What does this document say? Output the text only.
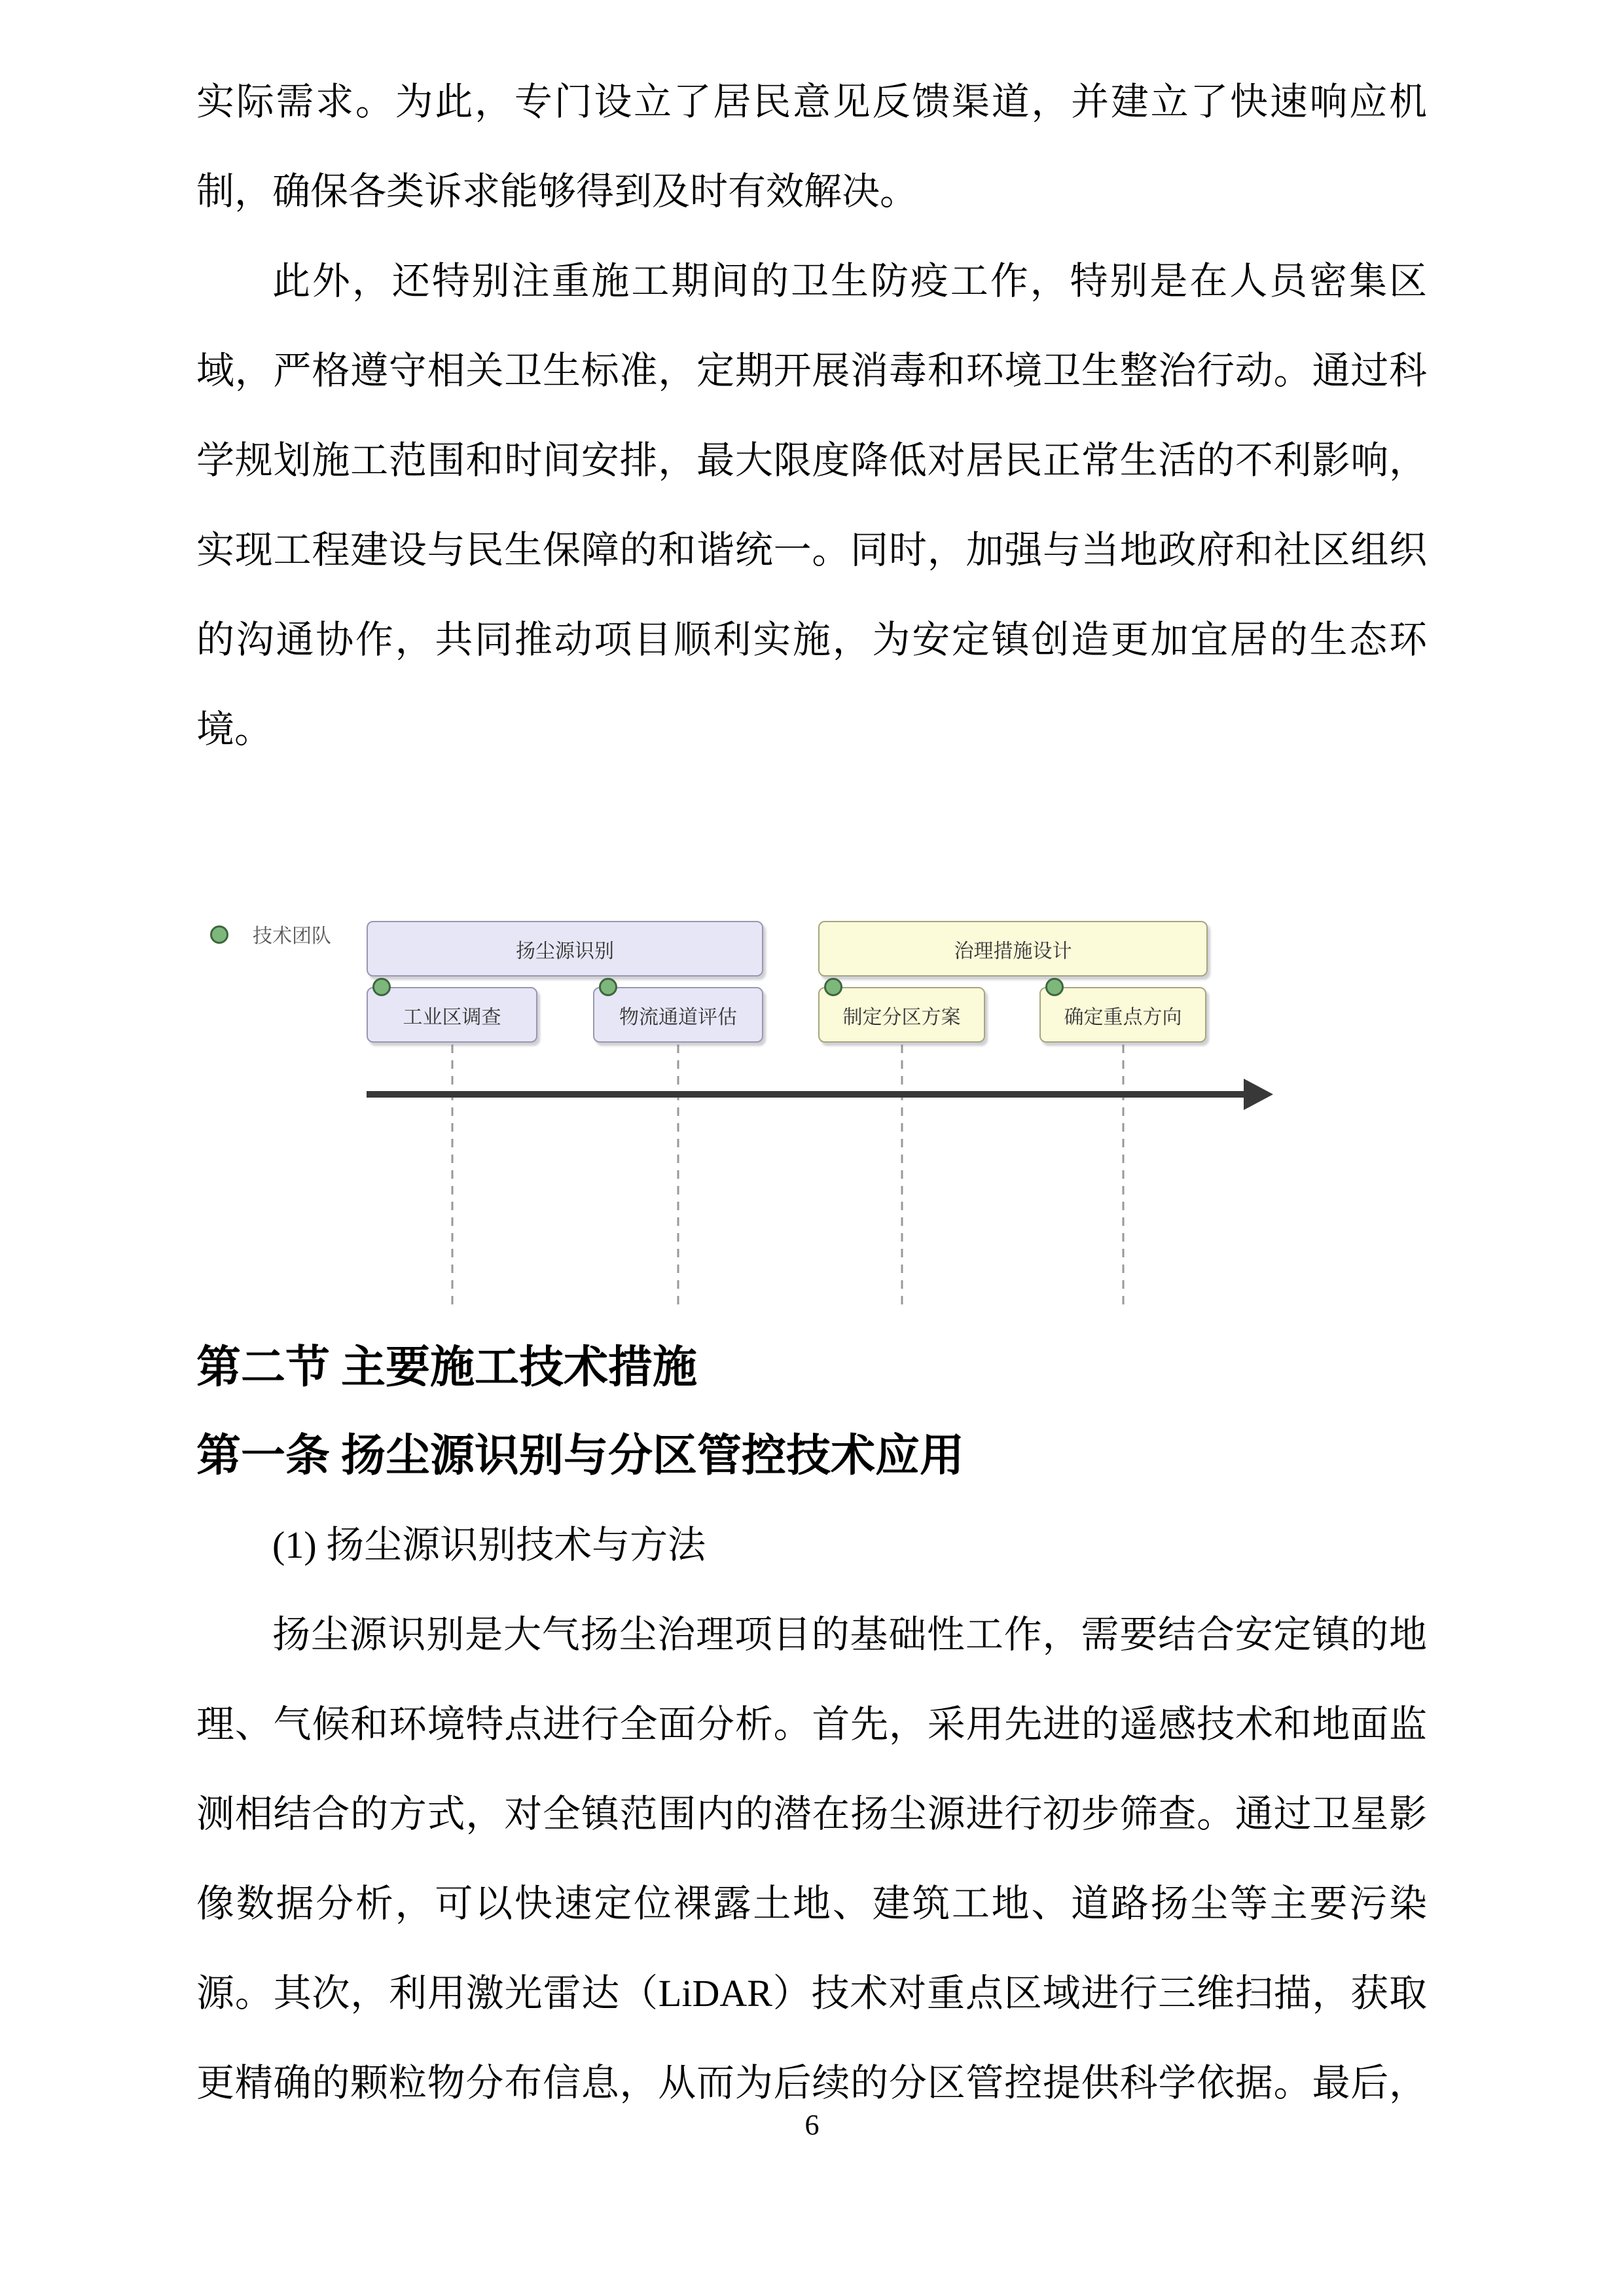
实际需求。为此，专门设立了居民意见反馈渠道，并建立了快速响应机
制，确保各类诉求能够得到及时有效解决。
此外，还特别注重施工期间的卫生防疫工作，特别是在人员密集区
域，严格遵守相关卫生标准，定期开展消毒和环境卫生整治行动。通过科
学规划施工范围和时间安排，最大限度降低对居民正常生活的不利影响，
实现工程建设与民生保障的和谐统一。同时，加强与当地政府和社区组织
的沟通协作，共同推动项目顺利实施，为安定镇创造更加宜居的生态环
境。
技术团队
扬尘源识别	治理措施设计
工业区调查	物流通道评估	制定分区方案	确定重点方向
第二节 主要施工技术措施
第一条 扬尘源识别与分区管控技术应用
(1) 扬尘源识别技术与方法
扬尘源识别是大气扬尘治理项目的基础性工作，需要结合安定镇的地
理、气候和环境特点进行全面分析。首先，采用先进的遥感技术和地面监
测相结合的方式，对全镇范围内的潜在扬尘源进行初步筛查。通过卫星影
像数据分析，可以快速定位裸露土地、建筑工地、道路扬尘等主要污染
源。其次，利用激光雷达（LiDAR）技术对重点区域进行三维扫描，获取
更精确的颗粒物分布信息，从而为后续的分区管控提供科学依据。最后，
6
